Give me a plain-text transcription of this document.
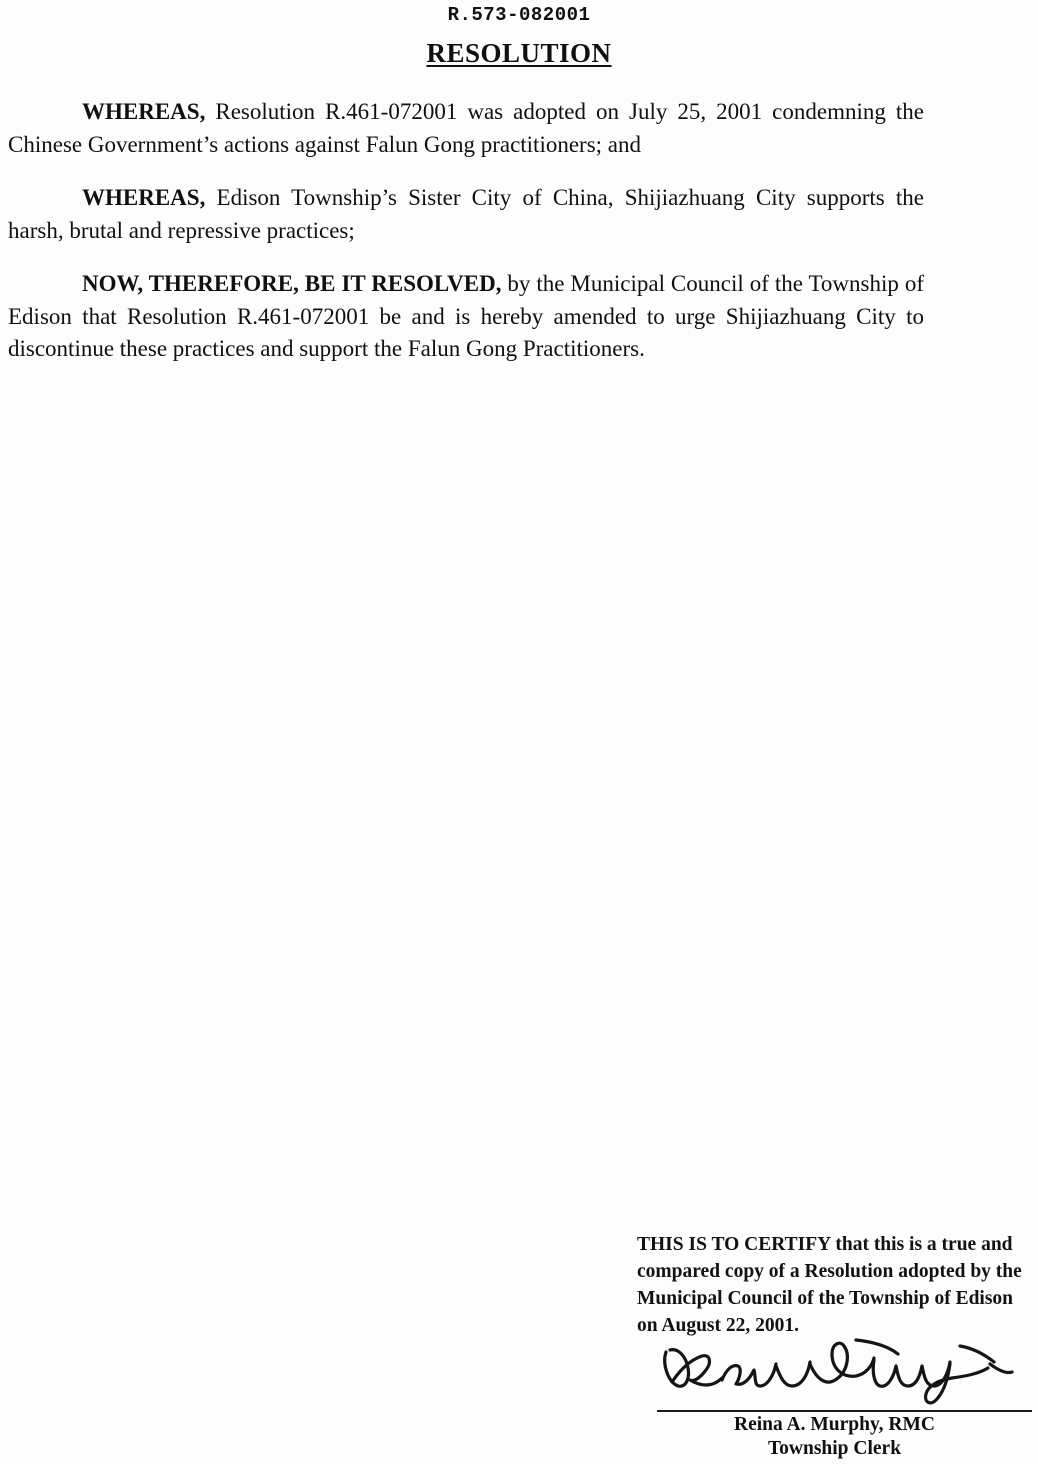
R.573-082001
RESOLUTION
WHEREAS, Resolution R.461-072001 was adopted on July 25, 2001 condemning the Chinese Government’s actions against Falun Gong practitioners; and
WHEREAS, Edison Township’s Sister City of China, Shijiazhuang City supports the harsh, brutal and repressive practices;
NOW, THEREFORE, BE IT RESOLVED, by the Municipal Council of the Township of Edison that Resolution R.461-072001 be and is hereby amended to urge Shijiazhuang City to discontinue these practices and support the Falun Gong Practitioners.
THIS IS TO CERTIFY that this is a true and
compared copy of a Resolution adopted by the
Municipal Council of the Township of Edison
on August 22, 2001.
Reina A. Murphy, RMC
Township Clerk
